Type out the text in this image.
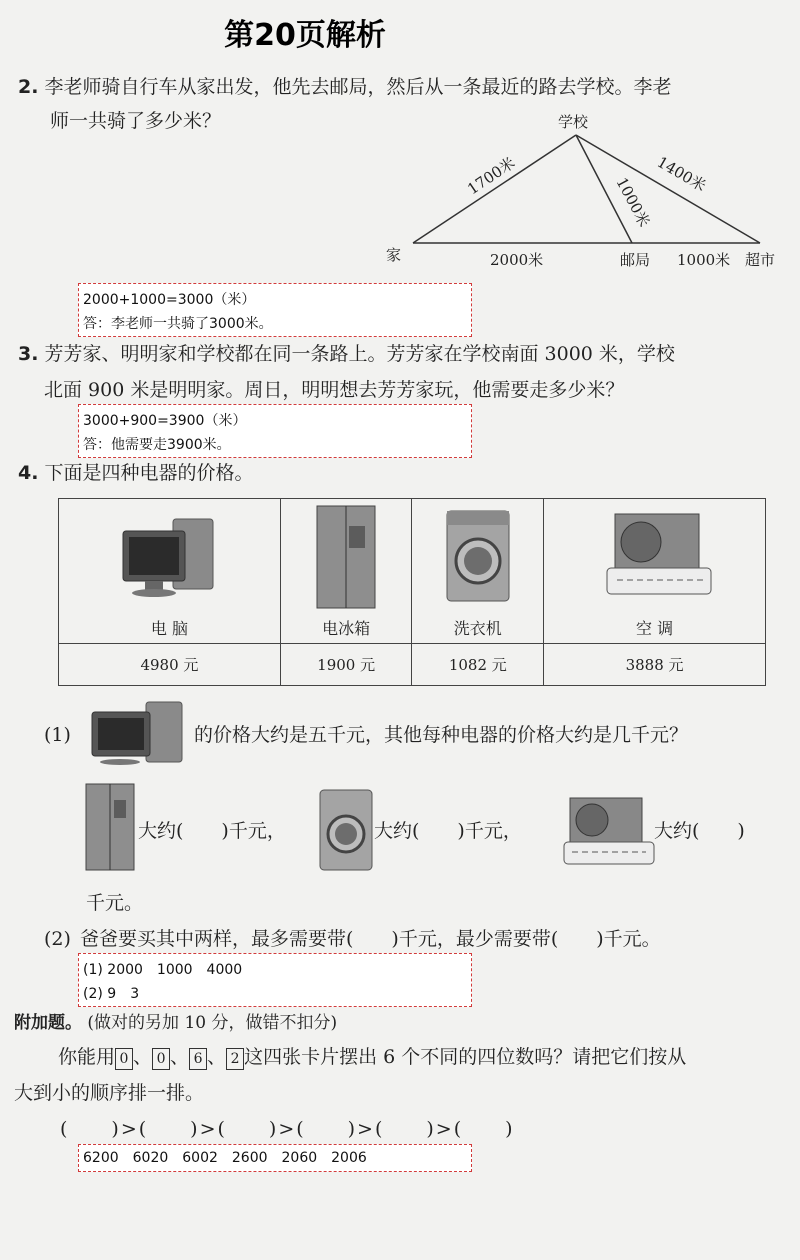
第20页解析
2. 李老师骑自行车从家出发，他先去邮局，然后从一条最近的路去学校。李老
师一共骑了多少米？	学校
家	邮局	超市
2000米	1000米
1700米	1400米
1000米
2000+1000=3000（米）
答：李老师一共骑了3000米。
3. 芳芳家、明明家和学校都在同一条路上。芳芳家在学校南面 3000 米，学校
北面 900 米是明明家。周日，明明想去芳芳家玩，他需要走多少米？
3000+900=3900（米）
答：他需要走3900米。
4. 下面是四种电器的价格。
电 脑	电冰箱	洗衣机	空 调

4980 元	1900 元	1082 元	3888 元
(1)	的价格大约是五千元，其他每种电器的价格大约是几千元？
大约(　　)千元，	大约(　　)千元，	大约(　　)
千元。
(2) 爸爸要买其中两样，最多需要带(　　)千元，最少需要带(　　)千元。
(1) 2000　1000　4000
(2) 9　3
附加题。 (做对的另加 10 分，做错不扣分)
你能用 0 、 0 、 6 、 2 这四张卡片摆出 6 个不同的四位数吗？请把它们按从
大到小的顺序排一排。
(　　)>(　　)>(　　)>(　　)>(　　)>(　　)
6200　6020　6002　2600　2060　2006
